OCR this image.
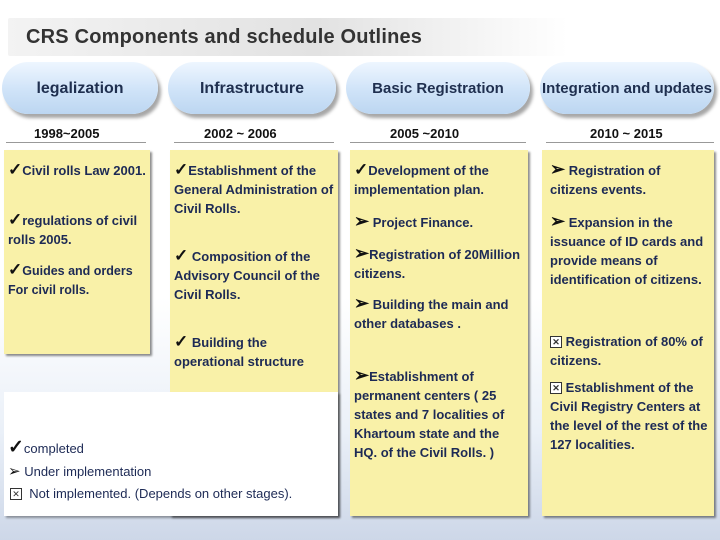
CRS Components and schedule Outlines
legalization	Infrastructure	Basic Registration	Integration and updates
1998~2005	2002 ~ 2006	2005 ~2010	2010 ~ 2015
✓Civil rolls Law 2001.
✓regulations of civil rolls 2005.
✓Guides and orders For civil rolls.
✓Establishment of the General Administration of Civil Rolls.
✓ Composition of the Advisory Council of the Civil Rolls.
✓ Building the operational structure
✓Development of the implementation plan.
➢ Project Finance.
➢Registration of 20Million citizens.
➢ Building the main and other databases .
➢Establishment of permanent centers ( 25 states and 7 localities of Khartoum state and the HQ. of the Civil Rolls. )
➢ Registration of citizens events.
➢ Expansion in the issuance of ID cards and provide means of identification of citizens.
✕ Registration of 80% of citizens.
✕ Establishment of the Civil Registry Centers at the level of the rest of the 127 localities.
✓completed
➢ Under implementation
✕ Not implemented. (Depends on other stages).
